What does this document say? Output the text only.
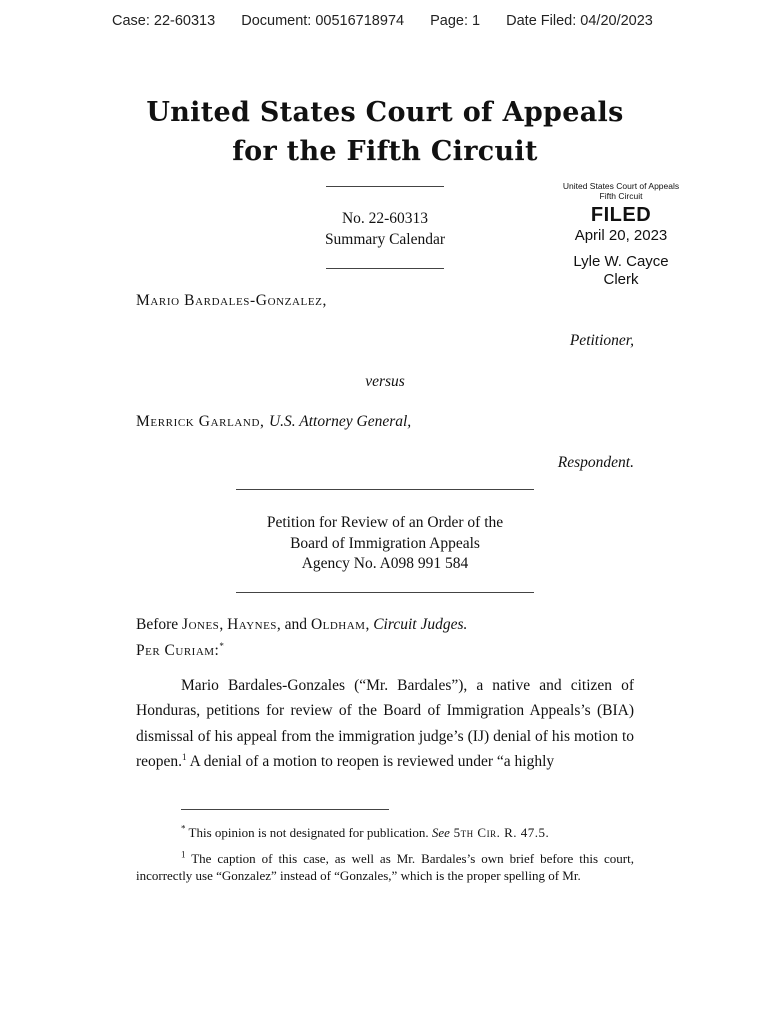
Case: 22-60313 Document: 00516718974 Page: 1 Date Filed: 04/20/2023
United States Court of Appeals
for the Fifth Circuit
United States Court of Appeals
Fifth Circuit
FILED
April 20, 2023
Lyle W. Cayce
Clerk
No. 22-60313
Summary Calendar
Mario Bardales-Gonzalez,
Petitioner,
versus
Merrick Garland, U.S. Attorney General,
Respondent.
Petition for Review of an Order of the
Board of Immigration Appeals
Agency No. A098 991 584
Before Jones, Haynes, and Oldham, Circuit Judges.
Per Curiam:*
Mario Bardales-Gonzales (“Mr. Bardales”), a native and citizen of Honduras, petitions for review of the Board of Immigration Appeals’s (BIA) dismissal of his appeal from the immigration judge’s (IJ) denial of his motion to reopen.$^1$ A denial of a motion to reopen is reviewed under “a highly
* This opinion is not designated for publication. See 5th Cir. R. 47.5.
$^1$ The caption of this case, as well as Mr. Bardales’s own brief before this court, incorrectly use “Gonzalez” instead of “Gonzales,” which is the proper spelling of Mr.
